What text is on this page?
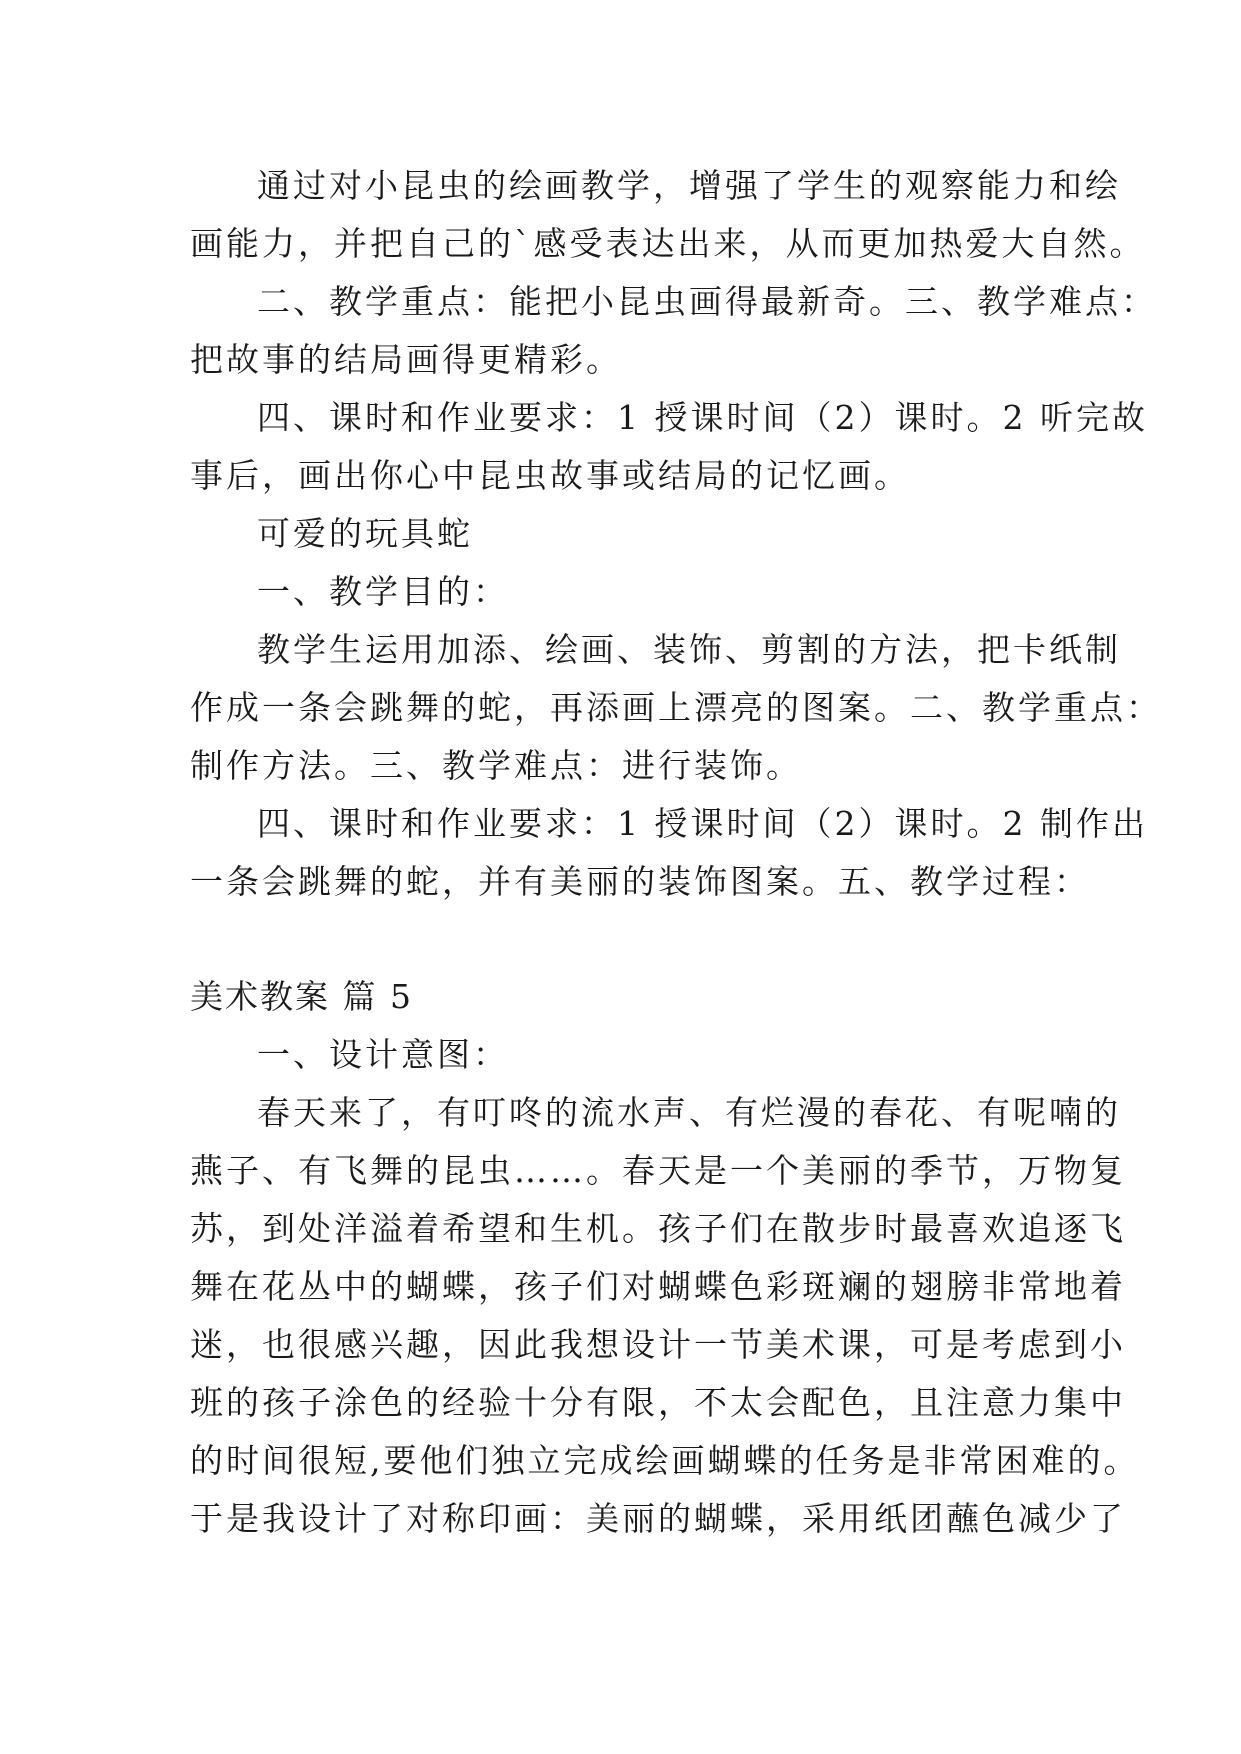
通过对小昆虫的绘画教学，增强了学生的观察能力和绘
画能力，并把自己的`感受表达出来，从而更加热爱大自然。
二、教学重点：能把小昆虫画得最新奇。三、教学难点：
把故事的结局画得更精彩。
四、课时和作业要求：1 授课时间（2）课时。2 听完故
事后，画出你心中昆虫故事或结局的记忆画。
可爱的玩具蛇
一、教学目的：
教学生运用加添、绘画、装饰、剪割的方法，把卡纸制
作成一条会跳舞的蛇，再添画上漂亮的图案。二、教学重点：
制作方法。三、教学难点：进行装饰。
四、课时和作业要求：1 授课时间（2）课时。2 制作出
一条会跳舞的蛇，并有美丽的装饰图案。五、教学过程：
美术教案 篇 5
一、设计意图：
春天来了，有叮咚的流水声、有烂漫的春花、有呢喃的
燕子、有飞舞的昆虫……。春天是一个美丽的季节，万物复
苏，到处洋溢着希望和生机。孩子们在散步时最喜欢追逐飞
舞在花丛中的蝴蝶，孩子们对蝴蝶色彩斑斓的翅膀非常地着
迷，也很感兴趣，因此我想设计一节美术课，可是考虑到小
班的孩子涂色的经验十分有限，不太会配色，且注意力集中
的时间很短,要他们独立完成绘画蝴蝶的任务是非常困难的。
于是我设计了对称印画：美丽的蝴蝶，采用纸团蘸色减少了
